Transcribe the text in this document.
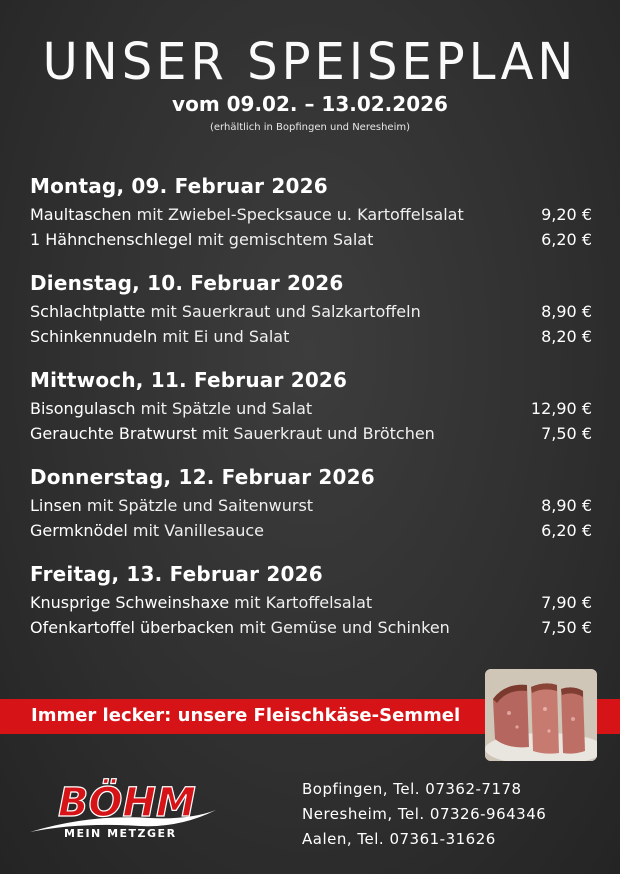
UNSER SPEISEPLAN
vom 09.02. – 13.02.2026
(erhältlich in Bopfingen und Neresheim)
Montag, 09. Februar 2026
Maultaschen mit Zwiebel-Specksauce u. Kartoffelsalat	9,20 €
1 Hähnchenschlegel mit gemischtem Salat	6,20 €
Dienstag, 10. Februar 2026
Schlachtplatte mit Sauerkraut und Salzkartoffeln	8,90 €
Schinkennudeln mit Ei und Salat	8,20 €
Mittwoch, 11. Februar 2026
Bisongulasch mit Spätzle und Salat	12,90 €
Gerauchte Bratwurst mit Sauerkraut und Brötchen	7,50 €
Donnerstag, 12. Februar 2026
Linsen mit Spätzle und Saitenwurst	8,90 €
Germknödel mit Vanillesauce	6,20 €
Freitag, 13. Februar 2026
Knusprige Schweinshaxe mit Kartoffelsalat	7,90 €
Ofenkartoffel überbacken mit Gemüse und Schinken	7,50 €
Immer lecker: unsere Fleischkäse-Semmel
BÖHM
MEIN METZGER
Bopfingen, Tel. 07362-7178
Neresheim, Tel. 07326-964346
Aalen, Tel. 07361-31626
